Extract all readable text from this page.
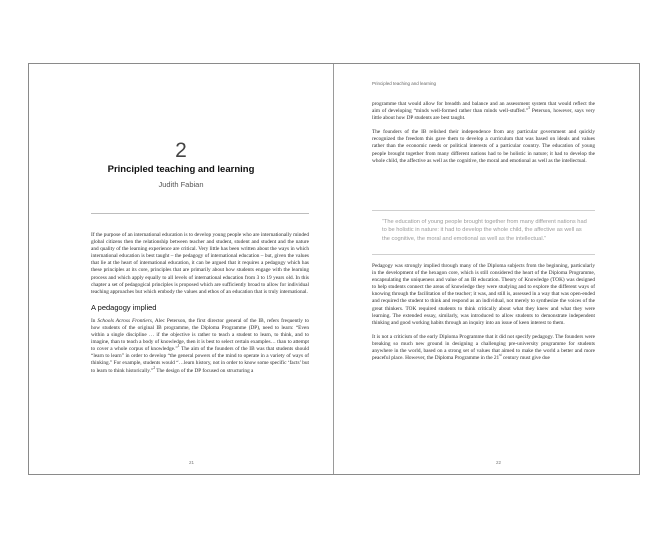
2
Principled teaching and learning
Judith Fabian

If the purpose of an international education is to develop young people who are internationally minded global citizens then the relationship between teacher and student, student and student and the nature and quality of the learning experience are critical. Very little has been written about the ways in which international education is best taught – the pedagogy of international education – but, given the values that lie at the heart of international education, it can be argued that it requires a pedagogy which has these principles at its core, principles that are primarily about how students engage with the learning process and which apply equally to all levels of international education from 3 to 19 years old. In this chapter a set of pedagogical principles is proposed which are sufficiently broad to allow for individual teaching approaches but which embody the values and ethos of an education that is truly international.

A pedagogy implied

In Schools Across Frontiers, Alec Peterson, the first director general of the IB, refers frequently to how students of the original IB programme, the Diploma Programme (DP), need to learn: “Even within a single discipline … if the objective is rather to teach a student to learn, to think, and to imagine, than to teach a body of knowledge, then it is best to select certain examples… than to attempt to cover a whole corpus of knowledge.”$^1$ The aim of the founders of the IB was that students should “learn to learn” in order to develop “the general powers of the mind to operate in a variety of ways of thinking.” For example, students would “…learn history, not in order to know some specific ‘facts’ but to learn to think historically.”$^2$ The design of the DP focused on structuring a

21
Principled teaching and learning

programme that would allow for breadth and balance and an assessment system that would reflect the aim of developing “minds well-formed rather than minds well-stuffed.”$^3$ Peterson, however, says very little about how DP students are best taught.

The founders of the IB relished their independence from any particular government and quickly recognized the freedom this gave them to develop a curriculum that was based on ideals and values rather than the economic needs or political interests of a particular country. The education of young people brought together from many different nations had to be holistic in nature; it had to develop the whole child, the affective as well as the cognitive, the moral and emotional as well as the intellectual.

“The education of young people brought together from many different nations had to be holistic in nature: it had to develop the whole child, the affective as well as the cognitive, the moral and emotional as well as the intellectual.”

Pedagogy was strongly implied through many of the Diploma subjects from the beginning, particularly in the development of the hexagon core, which is still considered the heart of the Diploma Programme, encapsulating the uniqueness and value of an IB education. Theory of Knowledge (TOK) was designed to help students connect the areas of knowledge they were studying and to explore the different ways of knowing through the facilitation of the teacher; it was, and still is, assessed in a way that was open-ended and required the student to think and respond as an individual, not merely to synthesize the voices of the great thinkers. TOK required students to think critically about what they knew and what they were learning. The extended essay, similarly, was introduced to allow students to demonstrate independent thinking and good working habits through an inquiry into an issue of keen interest to them.

It is not a criticism of the early Diploma Programme that it did not specify pedagogy. The founders were breaking so much new ground in designing a challenging pre-university programme for students anywhere in the world, based on a strong set of values that aimed to make the world a better and more peaceful place. However, the Diploma Programme in the 21st century must give due

22
